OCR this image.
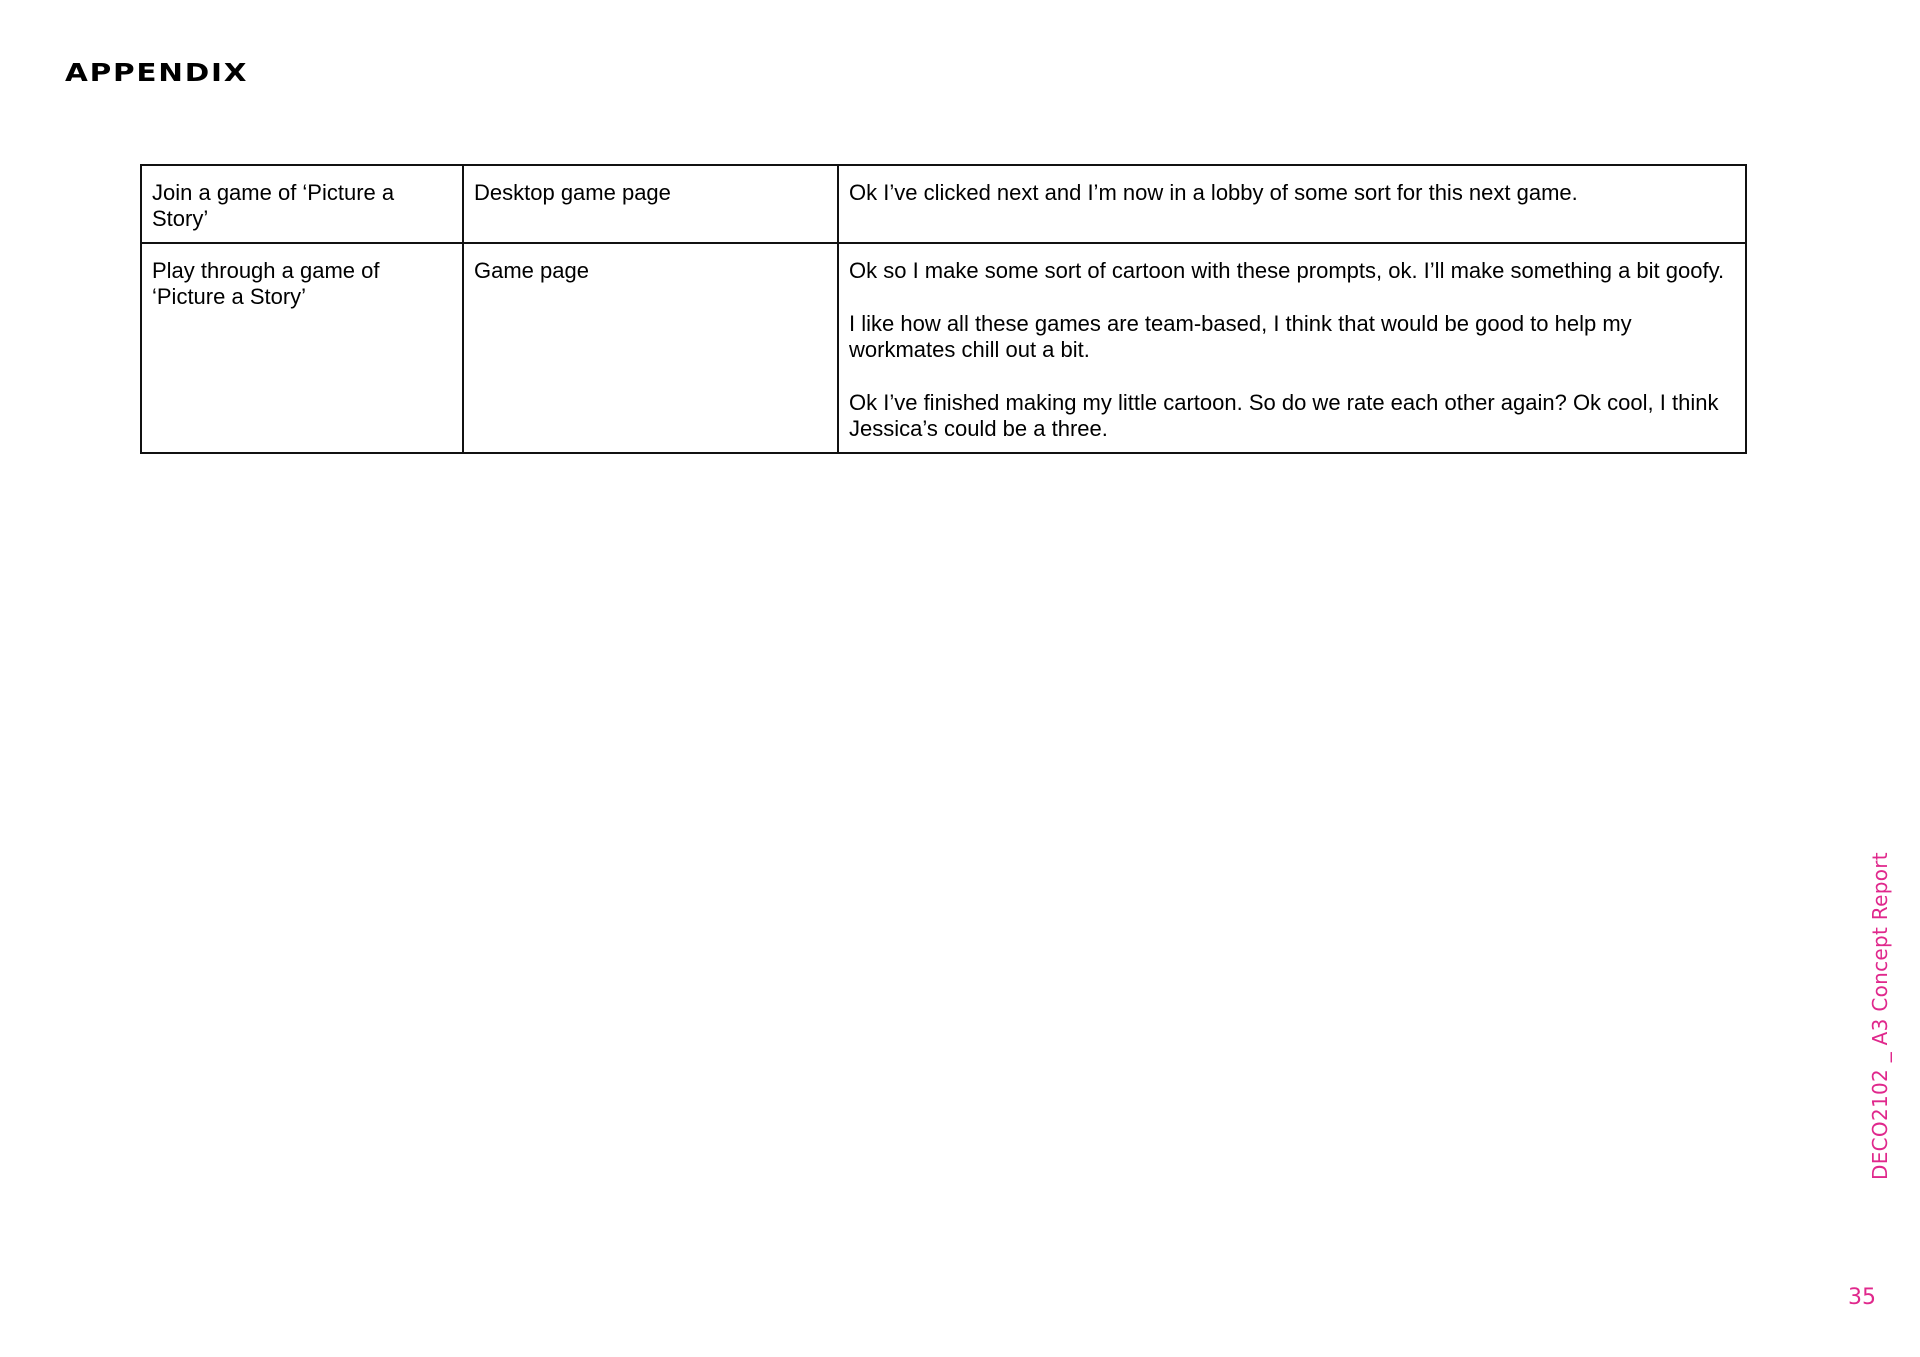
APPENDIX
Join a game of ‘Picture a Story’	Desktop game page	Ok I’ve clicked next and I’m now in a lobby of some sort for this next game.

Play through a game of ‘Picture a Story’	Game page	Ok so I make some sort of cartoon with these prompts, ok. I’ll make something a bit goofy.

I like how all these games are team-based, I think that would be good to help my workmates chill out a bit.

Ok I’ve finished making my little cartoon. So do we rate each other again? Ok cool, I think Jessica’s could be a three.

DECO2102 _ A3 Concept Report
35
